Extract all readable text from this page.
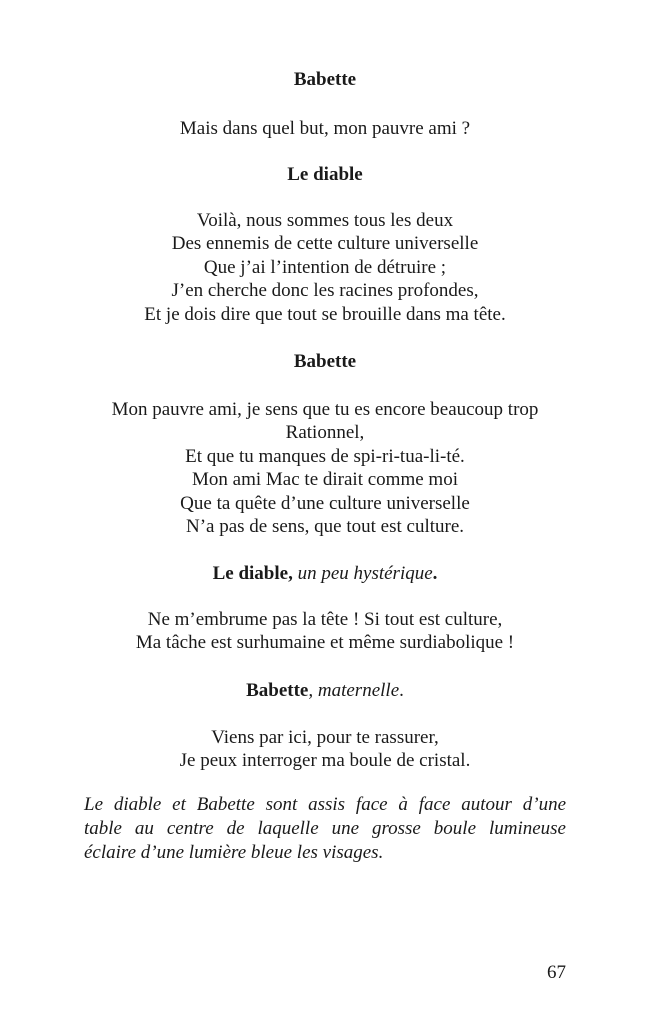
Babette

Mais dans quel but, mon pauvre ami ?

Le diable

Voilà, nous sommes tous les deux
Des ennemis de cette culture universelle
Que j’ai l’intention de détruire ;
J’en cherche donc les racines profondes,
Et je dois dire que tout se brouille dans ma tête.

Babette

Mon pauvre ami, je sens que tu es encore beaucoup trop
Rationnel,
Et que tu manques de spi-ri-tua-li-té.
Mon ami Mac te dirait comme moi
Que ta quête d’une culture universelle
N’a pas de sens, que tout est culture.

Le diable, un peu hystérique.

Ne m’embrume pas la tête ! Si tout est culture,
Ma tâche est surhumaine et même surdiabolique !

Babette, maternelle.

Viens par ici, pour te rassurer,
Je peux interroger ma boule de cristal.

Le diable et Babette sont assis face à face autour d’une
table au centre de laquelle une grosse boule lumineuse
éclaire d’une lumière bleue les visages.

67
